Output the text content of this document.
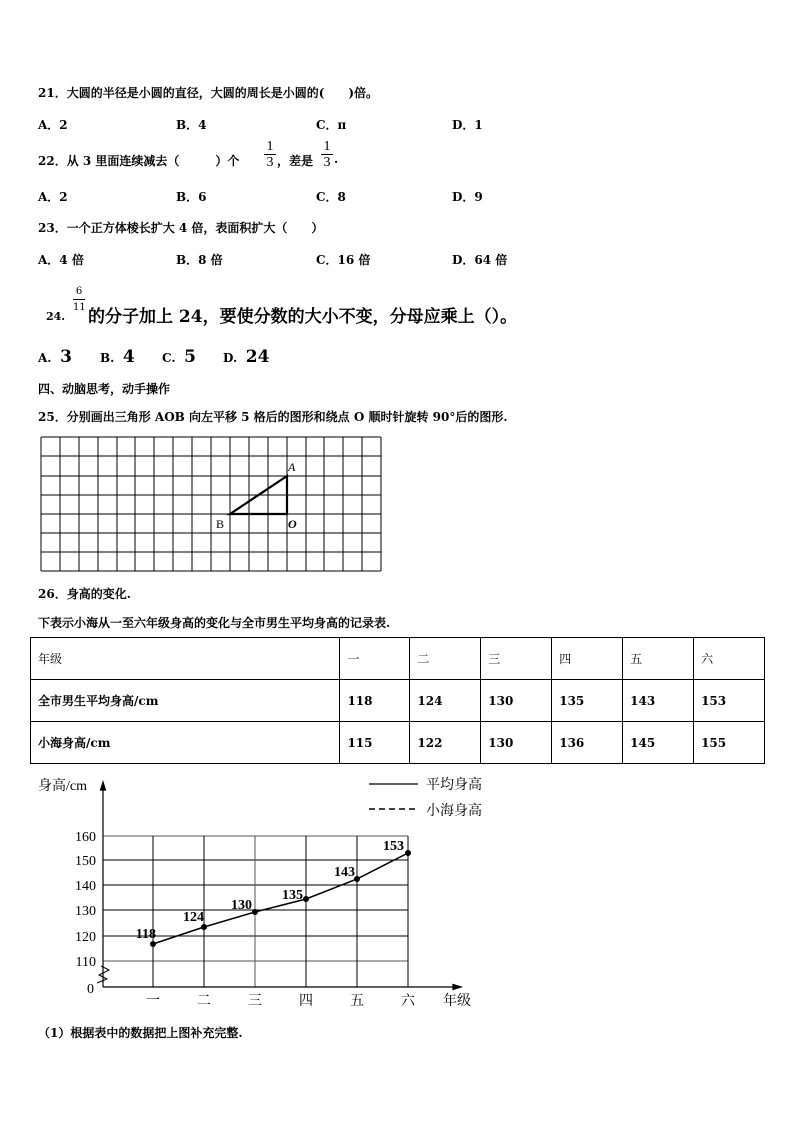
21．大圆的半径是小圆的直径，大圆的周长是小圆的(　　)倍。
A．2	B．4	C．π	D．1
22．从 3 里面连续减去（　　　）个 $\frac{1}{3}$ ，差是 $\frac{1}{3}$ .
A．2	B．6	C．8	D．9
23．一个正方体棱长扩大 4 倍，表面积扩大（　　）
A．4 倍	B．8 倍	C．16 倍	D．64 倍
24.
$\frac{6}{11}$
的分子加上 24，要使分数的大小不变，分母应乘上（）。
A. 3 B. 4 C. 5 D. 24
四、动脑思考，动手操作
25．分别画出三角形 AOB 向左平移 5 格后的图形和绕点 O 顺时针旋转 90°后的图形.
A
B	O
26．身高的变化.
下表示小海从一至六年级身高的变化与全市男生平均身高的记录表.
年级	一	二	三	四	五	六
全市男生平均身高/cm	118	124	130	135	143	153
小海身高/cm	115	122	130	136	145	155
身高/cm
年级
平均身高
小海身高
160
150
140
130
120
110
0
一	二	三	四	五	六
118
124
130
135
143
153
（1）根据表中的数据把上图补充完整.
